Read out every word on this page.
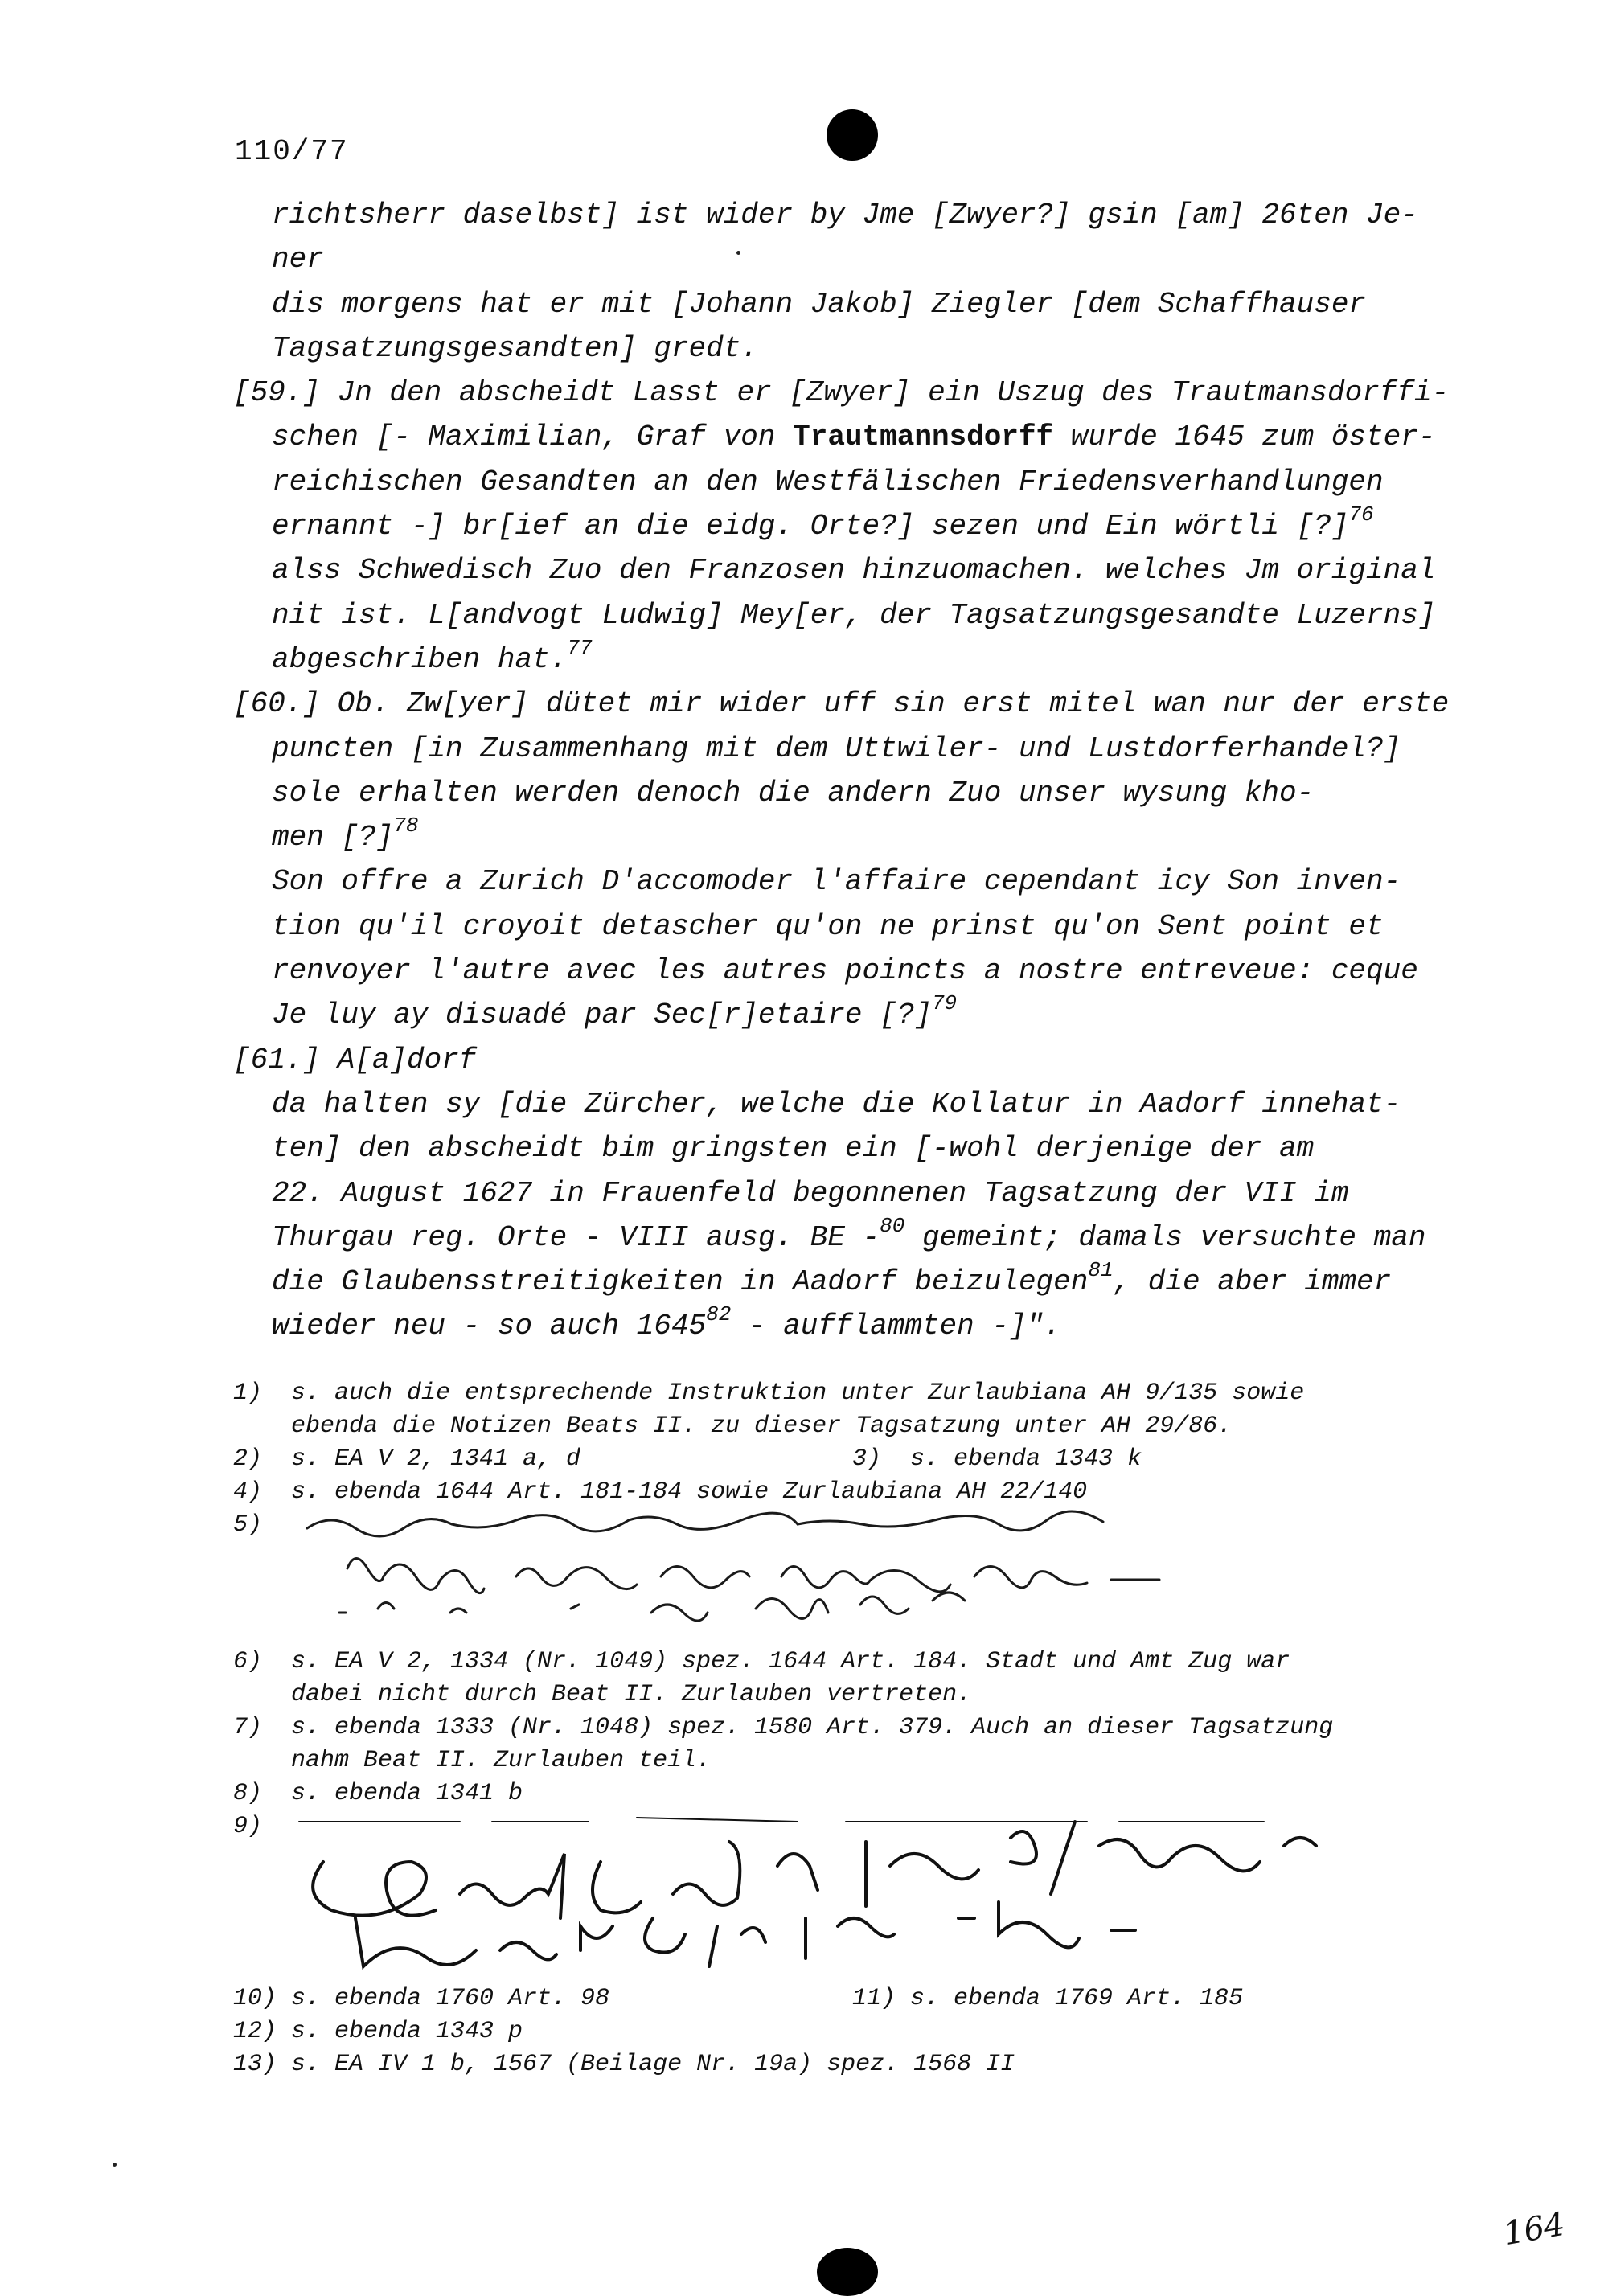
110/77
richtsherr daselbst] ist wider by Jme [Zwyer?] gsin [am] 26ten Je-
ner
dis morgens hat er mit [Johann Jakob] Ziegler [dem Schaffhauser
Tagsatzungsgesandten] gredt.
[59.] Jn den abscheidt Lasst er [Zwyer] ein Uszug des Trautmansdorffi-
schen [- Maximilian, Graf von Trautmannsdorff wurde 1645 zum öster-
reichischen Gesandten an den Westfälischen Friedensverhandlungen
ernannt -] br[ief an die eidg. Orte?] sezen und Ein wörtli [?]$^{76}$
alss Schwedisch Zuo den Franzosen hinzuomachen. welches Jm original
nit ist. L[andvogt Ludwig] Mey[er, der Tagsatzungsgesandte Luzerns]
abgeschriben hat.$^{77}$
[60.] Ob. Zw[yer] dütet mir wider uff sin erst mitel wan nur der erste
puncten [in Zusammenhang mit dem Uttwiler- und Lustdorferhandel?]
sole erhalten werden denoch die andern Zuo unser wysung kho-
men [?]$^{78}$
Son offre a Zurich D'accomoder l'affaire cependant icy Son inven-
tion qu'il croyoit detascher qu'on ne prinst qu'on Sent point et
renvoyer l'autre avec les autres poincts a nostre entreveue: ceque
Je luy ay disuadé par Sec[r]etaire [?]$^{79}$
[61.] A[a]dorf
da halten sy [die Zürcher, welche die Kollatur in Aadorf innehat-
ten] den abscheidt bim gringsten ein [-wohl derjenige der am
22. August 1627 in Frauenfeld begonnenen Tagsatzung der VII im
Thurgau reg. Orte - VIII ausg. BE -$^{80}$ gemeint; damals versuchte man
die Glaubensstreitigkeiten in Aadorf beizulegen$^{81}$, die aber immer
wieder neu - so auch 1645$^{82}$ - aufflammten -]".

1)

s. auch die entsprechende Instruktion unter Zurlaubiana AH 9/135 sowie

ebenda die Notizen Beats II. zu dieser Tagsatzung unter AH 29/86.

2)

s. EA V 2, 1341 a, d

	3)

s. ebenda 1343 k

4)

s. ebenda 1644 Art. 181-184 sowie Zurlaubiana AH 22/140

5)

6)

s. EA V 2, 1334 (Nr. 1049) spez. 1644 Art. 184. Stadt und Amt Zug war

dabei nicht durch Beat II. Zurlauben vertreten.

7)

s. ebenda 1333 (Nr. 1048) spez. 1580 Art. 379. Auch an dieser Tagsatzung

nahm Beat II. Zurlauben teil.

8)

s. ebenda 1341 b

9)

10)

s. ebenda 1760 Art. 98

	11)

s. ebenda 1769 Art. 185

12)

s. ebenda 1343 p

13)

s. EA IV 1 b, 1567 (Beilage Nr. 19a) spez. 1568 II

164
